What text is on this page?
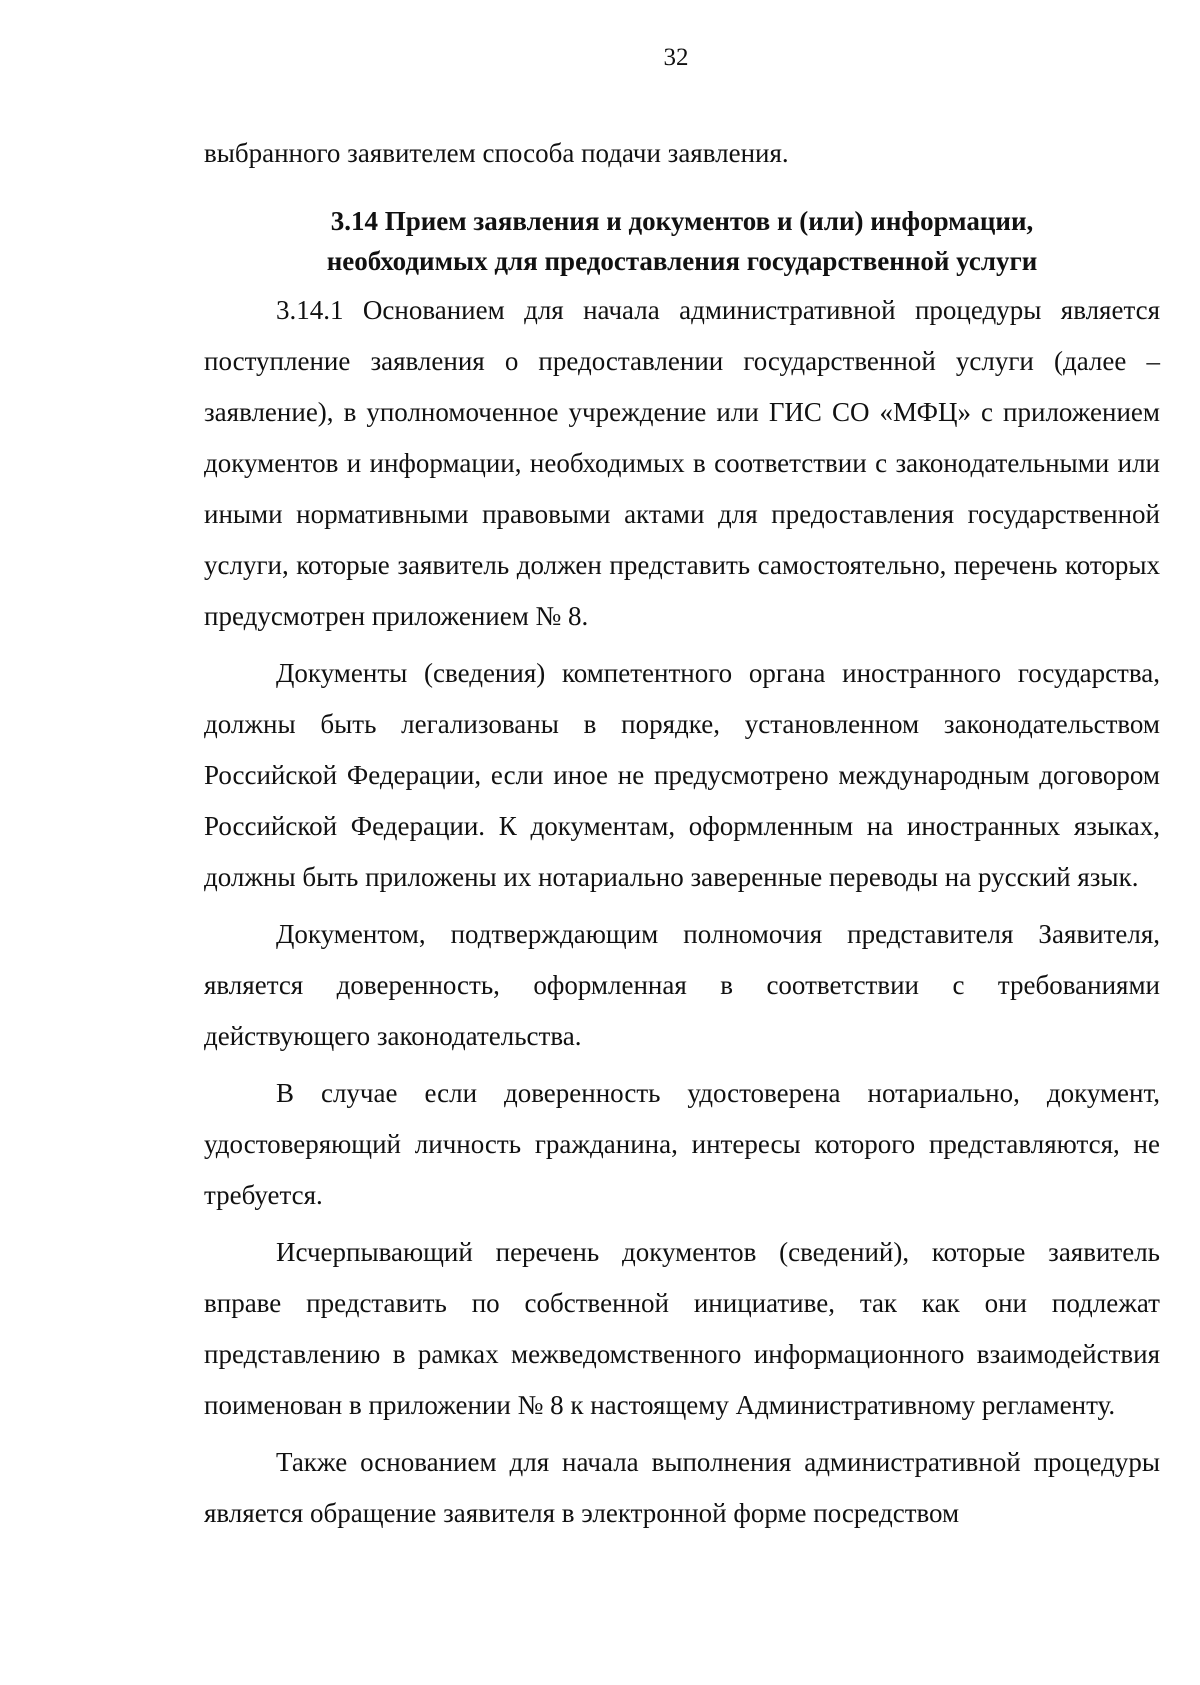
32

выбранного заявителем способа подачи заявления.

3.14 Прием заявления и документов и (или) информации,
необходимых для предоставления государственной услуги

3.14.1 Основанием для начала административной процедуры является поступление заявления о предоставлении государственной услуги (далее – заявление), в уполномоченное учреждение или ГИС СО «МФЦ» с приложением документов и информации, необходимых в соответствии с законодательными или иными нормативными правовыми актами для предоставления государственной услуги, которые заявитель должен представить самостоятельно, перечень которых предусмотрен приложением № 8.

Документы (сведения) компетентного органа иностранного государства, должны быть легализованы в порядке, установленном законодательством Российской Федерации, если иное не предусмотрено международным договором Российской Федерации. К документам, оформленным на иностранных языках, должны быть приложены их нотариально заверенные переводы на русский язык.

Документом, подтверждающим полномочия представителя Заявителя, является доверенность, оформленная в соответствии с требованиями действующего законодательства.

В случае если доверенность удостоверена нотариально, документ, удостоверяющий личность гражданина, интересы которого представляются, не требуется.

Исчерпывающий перечень документов (сведений), которые заявитель вправе представить по собственной инициативе, так как они подлежат представлению в рамках межведомственного информационного взаимодействия поименован в приложении № 8 к настоящему Административному регламенту.

Также основанием для начала выполнения административной процедуры является обращение заявителя в электронной форме посредством
